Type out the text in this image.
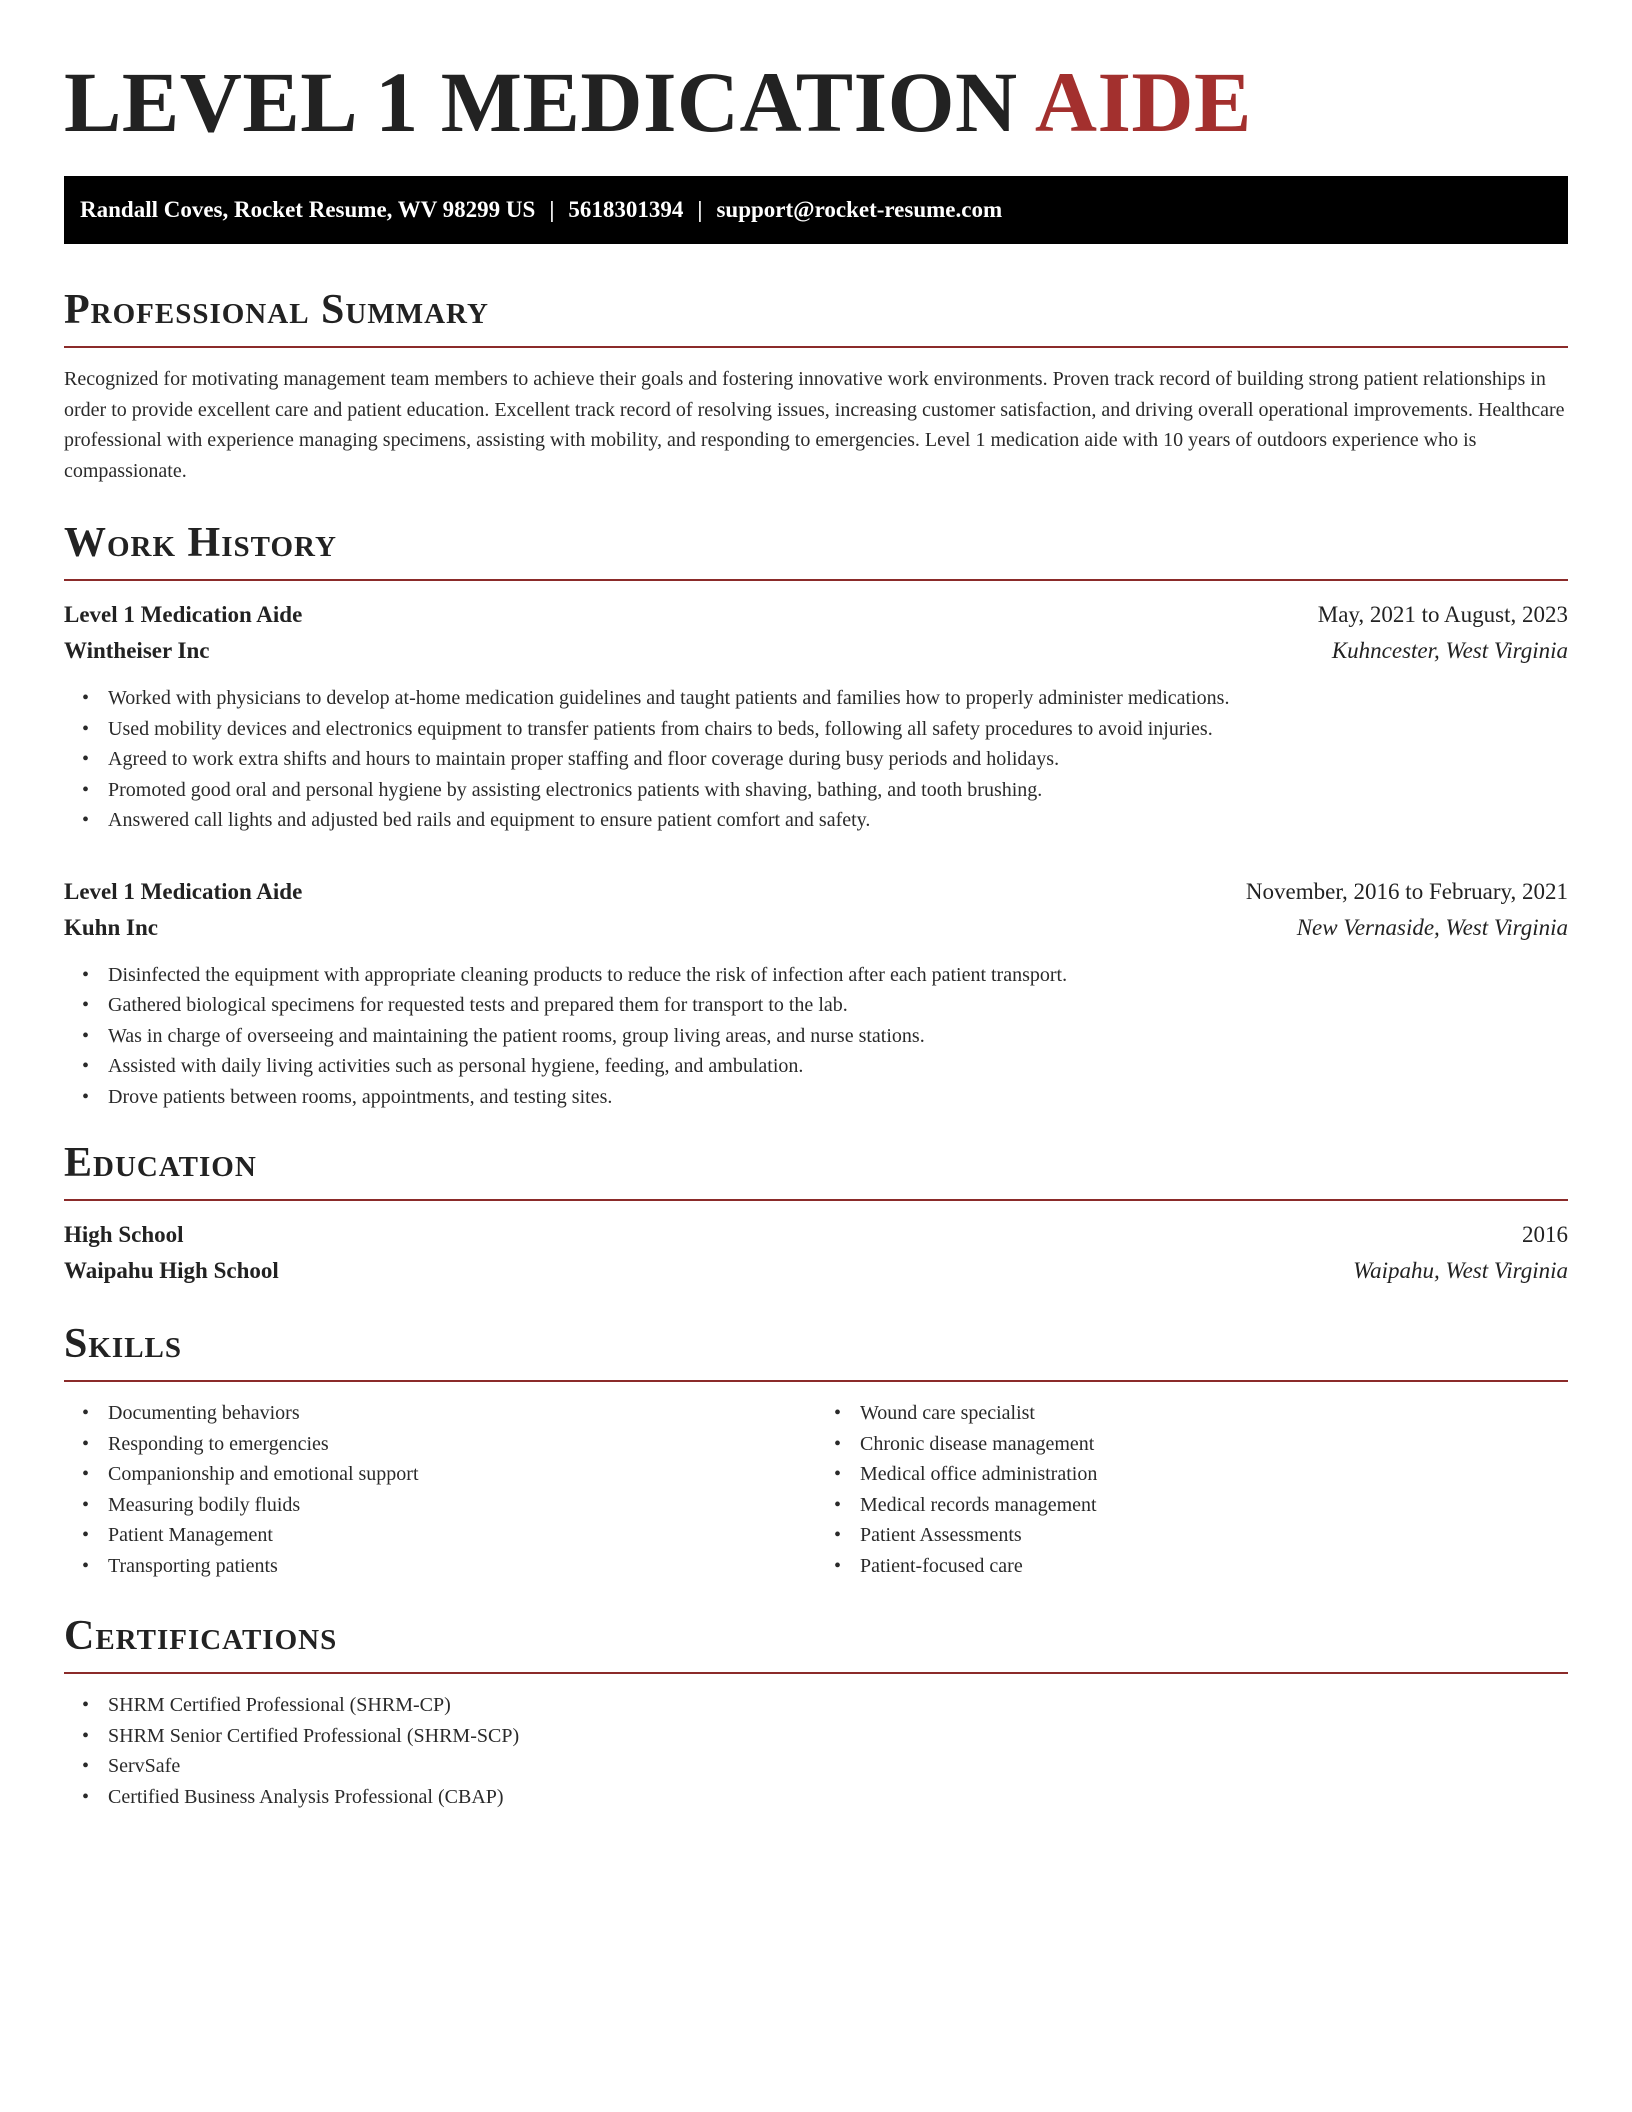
LEVEL 1 MEDICATION AIDE
Randall Coves, Rocket Resume, WV 98299 US | 5618301394 | support@rocket-resume.com
Professional Summary

Recognized for motivating management team members to achieve their goals and fostering innovative work environments. Proven track record of building strong patient relationships in order to provide excellent care and patient education. Excellent track record of resolving issues, increasing customer satisfaction, and driving overall operational improvements. Healthcare professional with experience managing specimens, assisting with mobility, and responding to emergencies. Level 1 medication aide with 10 years of outdoors experience who is compassionate.

Work History
Level 1 Medication Aide	May, 2021 to August, 2023
Wintheiser Inc	Kuhncester, West Virginia
• Worked with physicians to develop at-home medication guidelines and taught patients and families how to properly administer medications.
• Used mobility devices and electronics equipment to transfer patients from chairs to beds, following all safety procedures to avoid injuries.
• Agreed to work extra shifts and hours to maintain proper staffing and floor coverage during busy periods and holidays.
• Promoted good oral and personal hygiene by assisting electronics patients with shaving, bathing, and tooth brushing.
• Answered call lights and adjusted bed rails and equipment to ensure patient comfort and safety.
Level 1 Medication Aide	November, 2016 to February, 2021
Kuhn Inc	New Vernaside, West Virginia
• Disinfected the equipment with appropriate cleaning products to reduce the risk of infection after each patient transport.
• Gathered biological specimens for requested tests and prepared them for transport to the lab.
• Was in charge of overseeing and maintaining the patient rooms, group living areas, and nurse stations.
• Assisted with daily living activities such as personal hygiene, feeding, and ambulation.
• Drove patients between rooms, appointments, and testing sites.
Education
High School	2016
Waipahu High School	Waipahu, West Virginia
Skills
• Documenting behaviors
• Responding to emergencies
• Companionship and emotional support
• Measuring bodily fluids
• Patient Management
• Transporting patients
• Wound care specialist
• Chronic disease management
• Medical office administration
• Medical records management
• Patient Assessments
• Patient-focused care
Certifications
• SHRM Certified Professional (SHRM-CP)
• SHRM Senior Certified Professional (SHRM-SCP)
• ServSafe
• Certified Business Analysis Professional (CBAP)
